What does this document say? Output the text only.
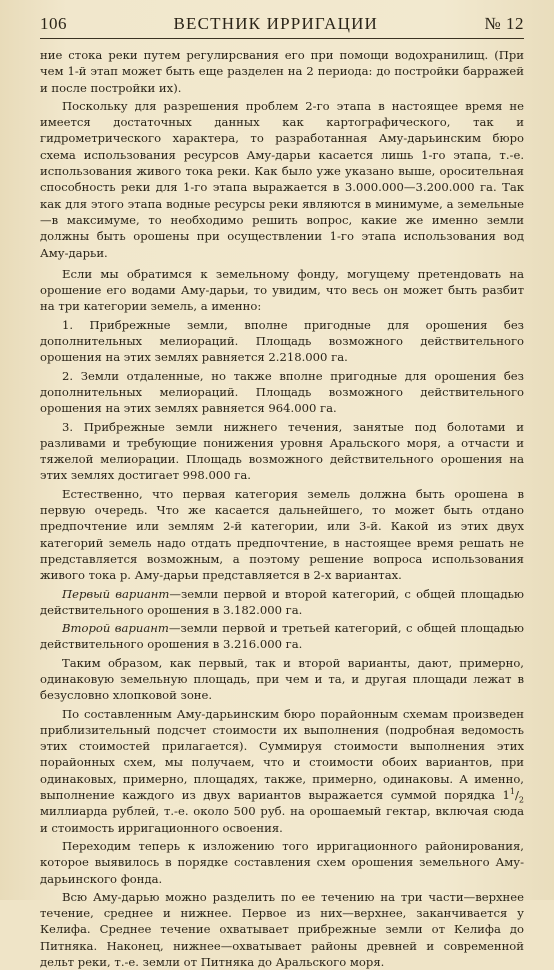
106	ВЕСТНИК ИРРИГАЦИИ	№ 12

ние стока реки путем регулирсвания его при помощи водохранилищ. (При чем 1-й этап может быть еще разделен на 2 периода: до постройки барражей и после постройки их).

Поскольку для разрешения проблем 2-го этапа в настоящее время не имеется достаточных данных как картографического, так и гидрометрического характера, то разработанная Аму-дарьинским бюро схема использования ресурсов Аму-дарьи касается лишь 1-го этапа, т.-е. использования живого тока реки. Как было уже указано выше, оросительная способность реки для 1-го этапа выражается в 3.000.000—3.200.000 га. Так как для этого этапа водные ресурсы реки являются в минимуме, а земельные—в максимуме, то необходимо решить вопрос, какие же именно земли должны быть орошены при осуществлении 1-го этапа использования вод Аму-дарьи.

Если мы обратимся к земельному фонду, могущему претендовать на орошение его водами Аму-дарьи, то увидим, что весь он может быть разбит на три категории земель, а именно:

1. Прибрежные земли, вполне пригодные для орошения без дополнительных мелиораций. Площадь возможного действительного орошения на этих землях равняется 2.218.000 га.

2. Земли отдаленные, но также вполне пригодные для орошения без дополнительных мелиораций. Площадь возможного действительного орошения на этих землях равняется 964.000 га.

3. Прибрежные земли нижнего течения, занятые под болотами и разливами и требующие понижения уровня Аральского моря, а отчасти и тяжелой мелиорации. Площадь возможного действительного орошения на этих землях достигает 998.000 га.

Естественно, что первая категория земель должна быть орошена в первую очередь. Что же касается дальнейшего, то может быть отдано предпочтение или землям 2-й категории, или 3-й. Какой из этих двух категорий земель надо отдать предпочтение, в настоящее время решать не представляется возможным, а поэтому решение вопроса использования живого тока р. Аму-дарьи представляется в 2-х вариантах.

Первый вариант—земли первой и второй категорий, с общей площадью действительного орошения в 3.182.000 га.

Второй вариант—земли первой и третьей категорий, с общей площадью действительного орошения в 3.216.000 га.

Таким образом, как первый, так и второй варианты, дают, примерно, одинаковую земельную площадь, при чем и та, и другая площади лежат в безусловно хлопковой зоне.

По составленным Аму-дарьинским бюро порайонным схемам произведен приблизительный подсчет стоимости их выполнения (подробная ведомость этих стоимостей прилагается). Суммируя стоимости выполнения этих порайонных схем, мы получаем, что и стоимости обоих вариантов, при одинаковых, примерно, площадях, также, примерно, одинаковы. А именно, выполнение каждого из двух вариантов выражается суммой порядка $1^1/_2$ миллиарда рублей, т.-е. около 500 руб. на орошаемый гектар, включая сюда и стоимость ирригационного освоения.

Переходим теперь к изложению того ирригационного районирования, которое выявилось в порядке составления схем орошения земельного Аму-дарьинского фонда.

Всю Аму-дарью можно разделить по ее течению на три части—верхнее течение, среднее и нижнее. Первое из них—верхнее, заканчивается у Келифа. Среднее течение охватывает прибрежные земли от Келифа до Питняка. Наконец, нижнее—охватывает районы древней и современной дельт реки, т.-е. земли от Питняка до Аральского моря.
